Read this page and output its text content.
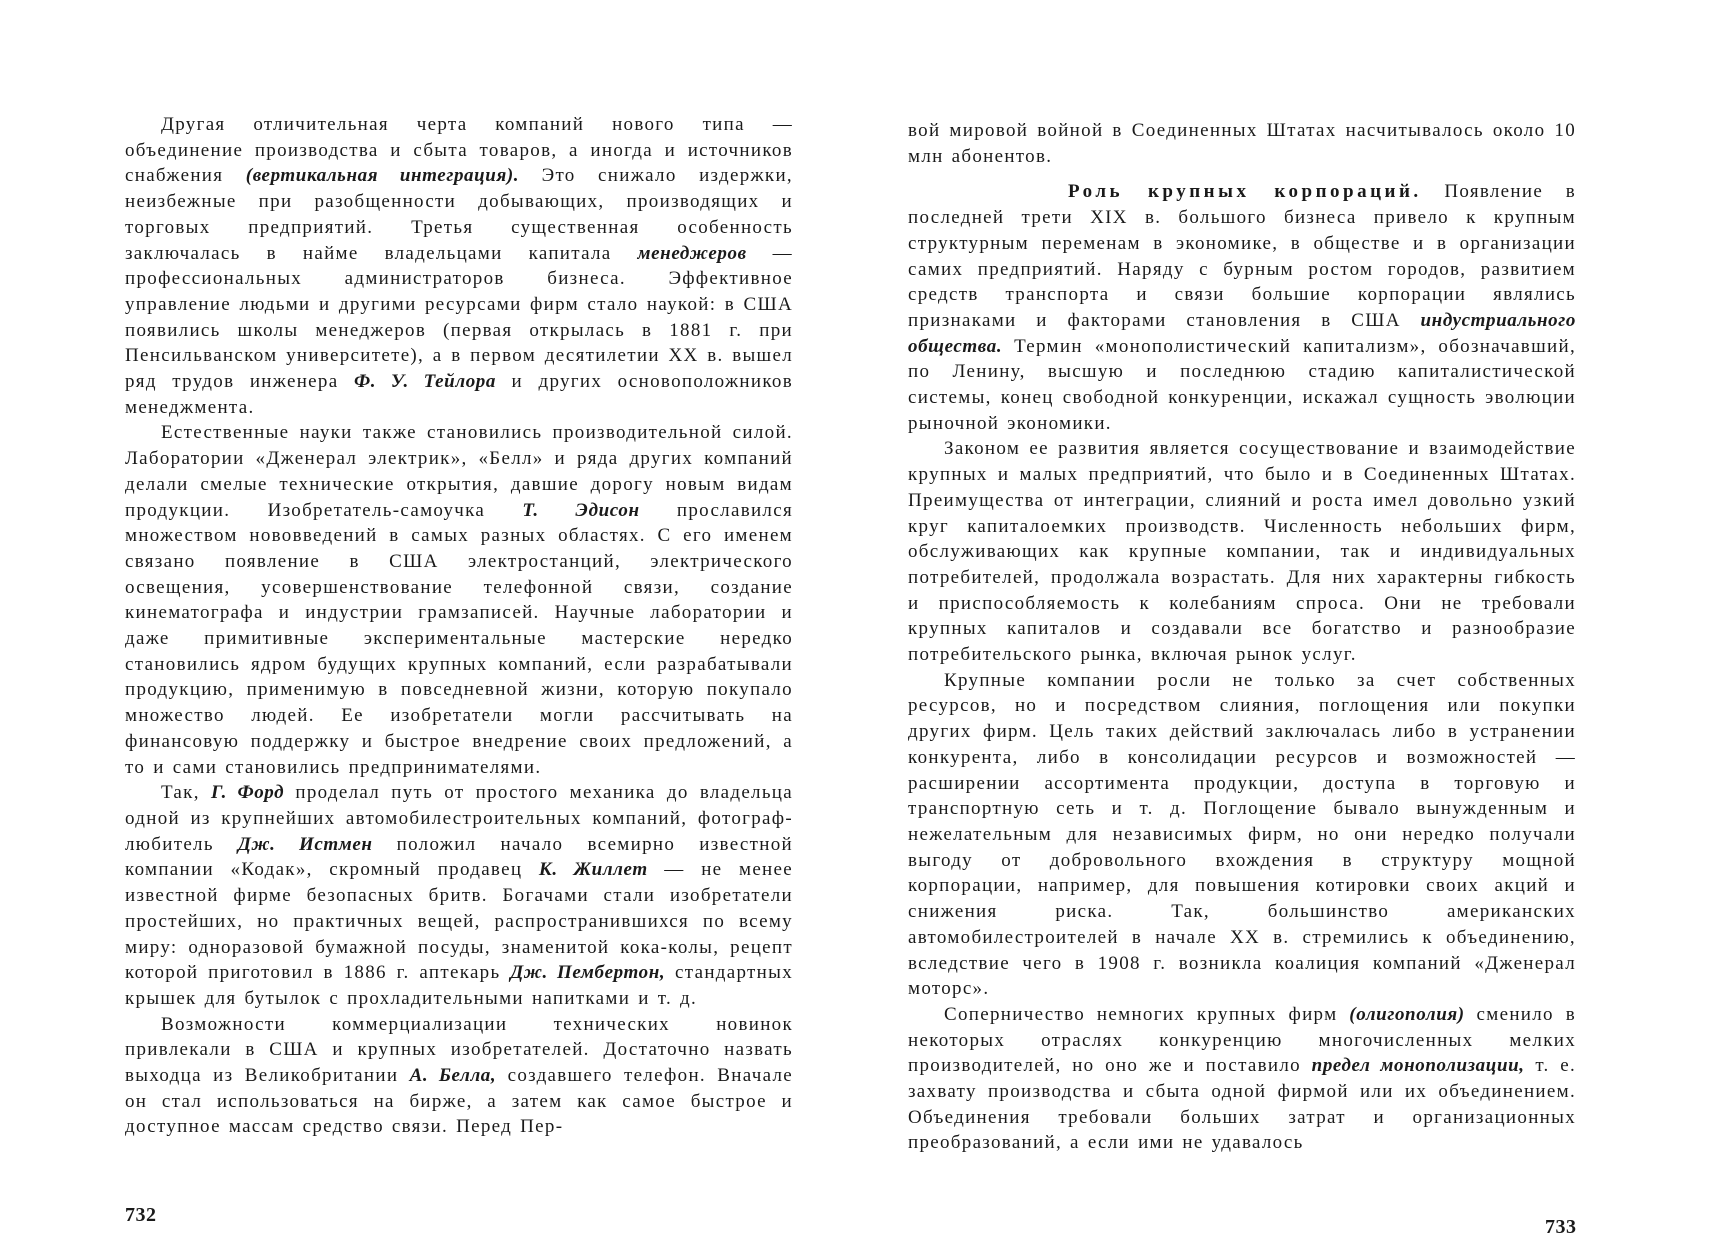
Другая отличительная черта компаний нового типа — объединение производства и сбыта товаров, а иногда и источников снабжения (вертикальная интеграция). Это снижало издержки, неизбежные при разобщенности добывающих, производящих и торговых предприятий. Третья существенная особенность заключалась в найме владельцами капитала менеджеров — профессиональных администраторов бизнеса. Эффективное управление людьми и другими ресурсами фирм стало наукой: в США появились школы менеджеров (первая открылась в 1881 г. при Пенсильванском университете), а в первом десятилетии XX в. вышел ряд трудов инженера Ф. У. Тейлора и других основоположников менеджмента.

Естественные науки также становились производительной силой. Лаборатории «Дженерал электрик», «Белл» и ряда других компаний делали смелые технические открытия, давшие дорогу новым видам продукции. Изобретатель-самоучка Т. Эдисон прославился множеством нововведений в самых разных областях. С его именем связано появление в США электростанций, электрического освещения, усовершенствование телефонной связи, создание кинематографа и индустрии грамзаписей. Научные лаборатории и даже примитивные экспериментальные мастерские нередко становились ядром будущих крупных компаний, если разрабатывали продукцию, применимую в повседневной жизни, которую покупало множество людей. Ее изобретатели могли рассчитывать на финансовую поддержку и быстрое внедрение своих предложений, а то и сами становились предпринимателями.

Так, Г. Форд проделал путь от простого механика до владельца одной из крупнейших автомобилестроительных компаний, фотограф-любитель Дж. Истмен положил начало всемирно известной компании «Кодак», скромный продавец К. Жиллет — не менее известной фирме безопасных бритв. Богачами стали изобретатели простейших, но практичных вещей, распространившихся по всему миру: одноразовой бумажной посуды, знаменитой кока-колы, рецепт которой приготовил в 1886 г. аптекарь Дж. Пембертон, стандартных крышек для бутылок с прохладительными напитками и т. д.

Возможности коммерциализации технических новинок привлекали в США и крупных изобретателей. Достаточно назвать выходца из Великобритании А. Белла, создавшего телефон. Вначале он стал использоваться на бирже, а затем как самое быстрое и доступное массам средство связи. Перед Пер-

732

вой мировой войной в Соединенных Штатах насчитывалось около 10 млн абонентов.

Роль крупных корпораций. Появление в последней трети XIX в. большого бизнеса привело к крупным структурным переменам в экономике, в обществе и в организации самих предприятий. Наряду с бурным ростом городов, развитием средств транспорта и связи большие корпорации являлись признаками и факторами становления в США индустриального общества. Термин «монополистический капитализм», обозначавший, по Ленину, высшую и последнюю стадию капиталистической системы, конец свободной конкуренции, искажал сущность эволюции рыночной экономики.

Законом ее развития является сосуществование и взаимодействие крупных и малых предприятий, что было и в Соединенных Штатах. Преимущества от интеграции, слияний и роста имел довольно узкий круг капиталоемких производств. Численность небольших фирм, обслуживающих как крупные компании, так и индивидуальных потребителей, продолжала возрастать. Для них характерны гибкость и приспособляемость к колебаниям спроса. Они не требовали крупных капиталов и создавали все богатство и разнообразие потребительского рынка, включая рынок услуг.

Крупные компании росли не только за счет собственных ресурсов, но и посредством слияния, поглощения или покупки других фирм. Цель таких действий заключалась либо в устранении конкурента, либо в консолидации ресурсов и возможностей — расширении ассортимента продукции, доступа в торговую и транспортную сеть и т. д. Поглощение бывало вынужденным и нежелательным для независимых фирм, но они нередко получали выгоду от добровольного вхождения в структуру мощной корпорации, например, для повышения котировки своих акций и снижения риска. Так, большинство американских автомобилестроителей в начале XX в. стремились к объединению, вследствие чего в 1908 г. возникла коалиция компаний «Дженерал моторс».

Соперничество немногих крупных фирм (олигополия) сменило в некоторых отраслях конкуренцию многочисленных мелких производителей, но оно же и поставило предел монополизации, т. е. захвату производства и сбыта одной фирмой или их объединением. Объединения требовали больших затрат и организационных преобразований, а если ими не удавалось

733
